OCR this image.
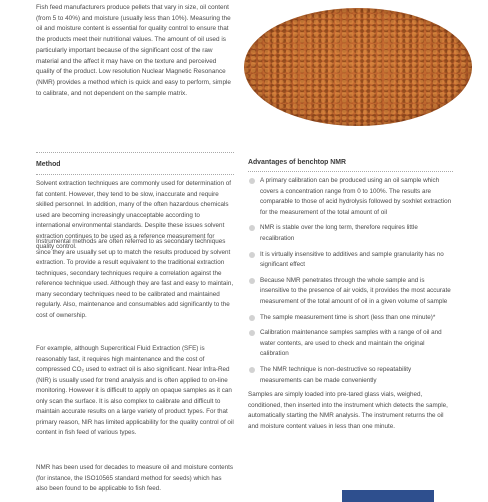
Fish feed manufacturers produce pellets that vary in size, oil content (from 5 to 40%) and moisture (usually less than 10%). Measuring the oil and moisture content is essential for quality control to ensure that the products meet their nutritional values. The amount of oil used is particularly important because of the significant cost of the raw material and the affect it may have on the texture and perceived quality of the product. Low resolution Nuclear Magnetic Resonance (NMR) provides a method which is quick and easy to perform, simple to calibrate, and not dependent on the sample matrix.

Method

Solvent extraction techniques are commonly used for determination of fat content. However, they tend to be slow, inaccurate and require skilled personnel. In addition, many of the often hazardous chemicals used are becoming increasingly unacceptable according to international environmental standards. Despite these issues solvent extraction continues to be used as a reference measurement for quality control.

Instrumental methods are often referred to as secondary techniques since they are usually set up to match the results produced by solvent extraction. To provide a result equivalent to the traditional extraction techniques, secondary techniques require a correlation against the reference technique used. Although they are fast and easy to maintain, many secondary techniques need to be calibrated and maintained regularly. Also, maintenance and consumables add significantly to the cost of ownership.

For example, although Supercritical Fluid Extraction (SFE) is reasonably fast, it requires high maintenance and the cost of compressed CO₂ used to extract oil is also significant. Near Infra-Red (NIR) is usually used for trend analysis and is often applied to on-line monitoring. However it is difficult to apply on opaque samples as it can only scan the surface. It is also complex to calibrate and difficult to maintain accurate results on a large variety of product types. For that primary reason, NIR has limited applicability for the quality control of oil content in fish feed of various types.

NMR has been used for decades to measure oil and moisture contents (for instance, the ISO10565 standard method for seeds) which has also been found to be applicable to fish feed.

Advantages of benchtop NMR

A primary calibration can be produced using an oil sample which covers a concentration range from 0 to 100%. The results are comparable to those of acid hydrolysis followed by soxhlet extraction for the measurement of the total amount of oil
NMR is stable over the long term, therefore requires little recalibration
It is virtually insensitive to additives and sample granularity has no significant effect
Because NMR penetrates through the whole sample and is insensitive to the presence of air voids, it provides the most accurate measurement of the total amount of oil in a given volume of sample
The sample measurement time is short (less than one minute)*
Calibration maintenance samples samples with a range of oil and water contents, are used to check and maintain the original calibration
The NMR technique is non-destructive so repeatability measurements can be made conveniently

Samples are simply loaded into pre-tared glass vials, weighed, conditioned, then inserted into the instrument which detects the sample, automatically starting the NMR analysis. The instrument returns the oil and moisture content values in less than one minute.
